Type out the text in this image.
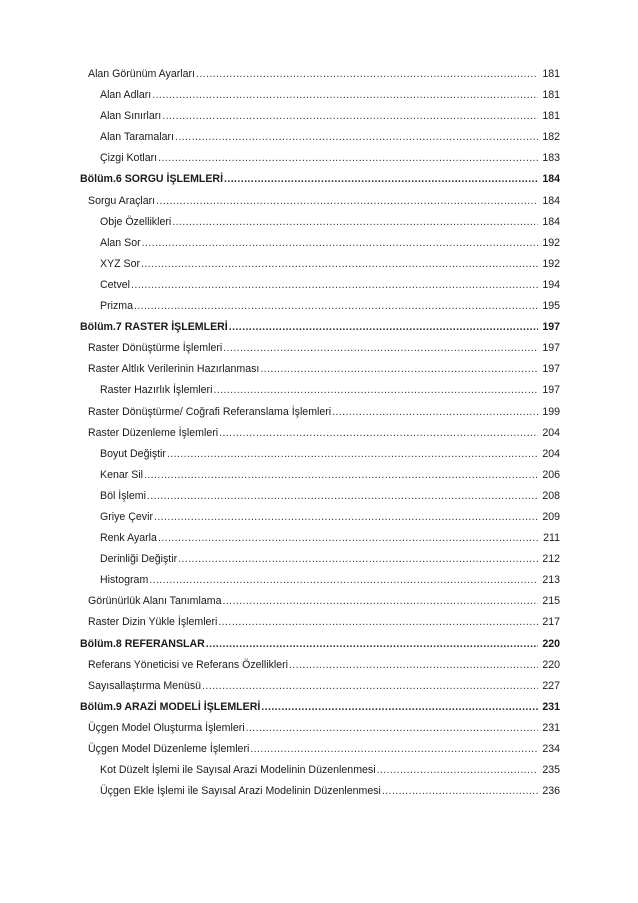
Alan Görünüm Ayarları .....	181
Alan Adları .....	181
Alan Sınırları .....	181
Alan Taramaları .....	182
Çizgi Kotları .....	183
Bölüm.6 SORGU İŞLEMLERİ .....	184
Sorgu Araçları .....	184
Obje Özellikleri .....	184
Alan Sor .....	192
XYZ Sor .....	192
Cetvel .....	194
Prizma .....	195
Bölüm.7 RASTER İŞLEMLERİ .....	197
Raster Dönüştürme İşlemleri .....	197
Raster Altlık Verilerinin Hazırlanması .....	197
Raster Hazırlık İşlemleri .....	197
Raster Dönüştürme/ Coğrafi Referanslama İşlemleri .....	199
Raster Düzenleme İşlemleri .....	204
Boyut Değiştir .....	204
Kenar Sil .....	206
Böl İşlemi .....	208
Griye Çevir .....	209
Renk Ayarla .....	211
Derinliği Değiştir .....	212
Histogram .....	213
Görünürlük Alanı Tanımlama .....	215
Raster Dizin Yükle İşlemleri .....	217
Bölüm.8 REFERANSLAR .....	220
Referans Yöneticisi ve Referans Özellikleri .....	220
Sayısallaştırma Menüsü .....	227
Bölüm.9 ARAZİ MODELİ İŞLEMLERİ .....	231
Üçgen Model Oluşturma İşlemleri .....	231
Üçgen Model Düzenleme İşlemleri .....	234
Kot Düzelt İşlemi ile Sayısal Arazi Modelinin Düzenlenmesi .....	235
Üçgen Ekle İşlemi ile Sayısal Arazi Modelinin Düzenlenmesi .....	236
